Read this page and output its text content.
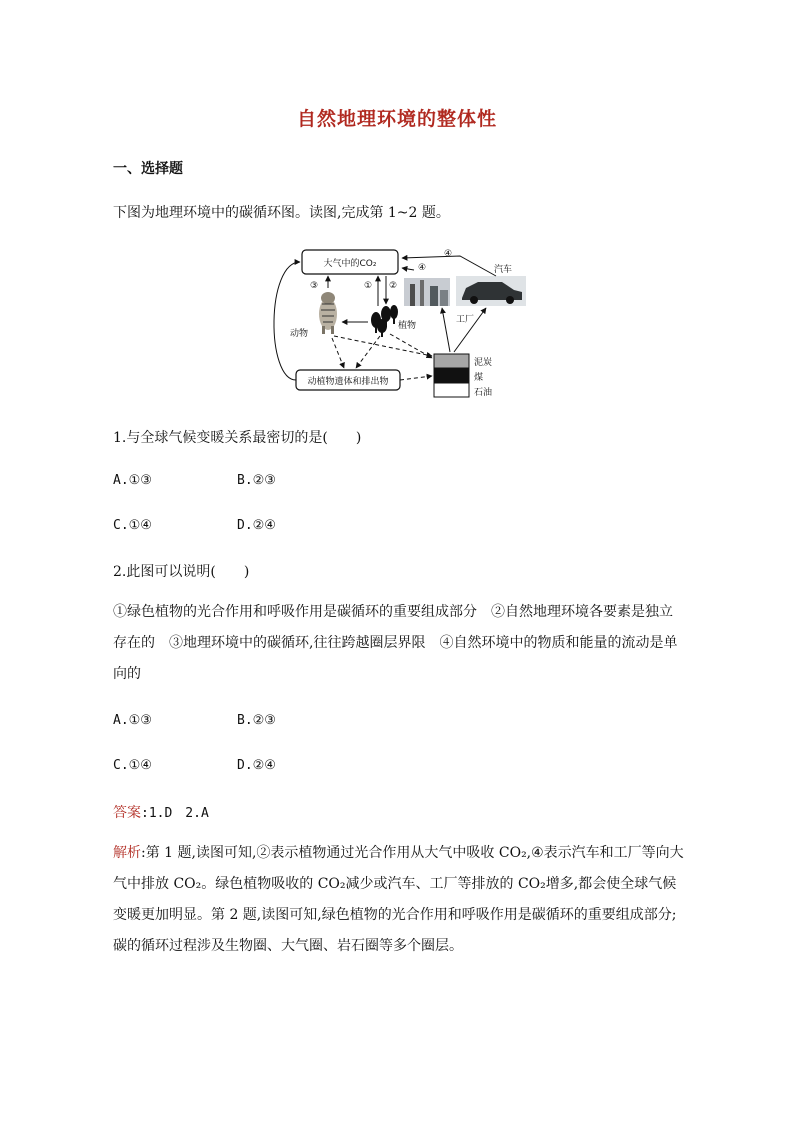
自然地理环境的整体性
一、选择题
下图为地理环境中的碳循环图。读图,完成第 1~2 题。
大气中的CO₂
动植物遗体和排出物
泥炭
煤
石油
动物
植物
工厂
汽车
③	① ②
④
④
1.与全球气候变暖关系最密切的是(　　)
A.①③	B.②③
C.①④	D.②④
2.此图可以说明(　　)
①绿色植物的光合作用和呼吸作用是碳循环的重要组成部分　②自然地理环境各要素是独立存在的　③地理环境中的碳循环,往往跨越圈层界限　④自然环境中的物质和能量的流动是单向的
A.①③	B.②③
C.①④	D.②④
答案:1.D　2.A
解析:第 1 题,读图可知,②表示植物通过光合作用从大气中吸收 CO₂,④表示汽车和工厂等向大气中排放 CO₂。绿色植物吸收的 CO₂减少或汽车、工厂等排放的 CO₂增多,都会使全球气候变暖更加明显。第 2 题,读图可知,绿色植物的光合作用和呼吸作用是碳循环的重要组成部分;碳的循环过程涉及生物圈、大气圈、岩石圈等多个圈层。
